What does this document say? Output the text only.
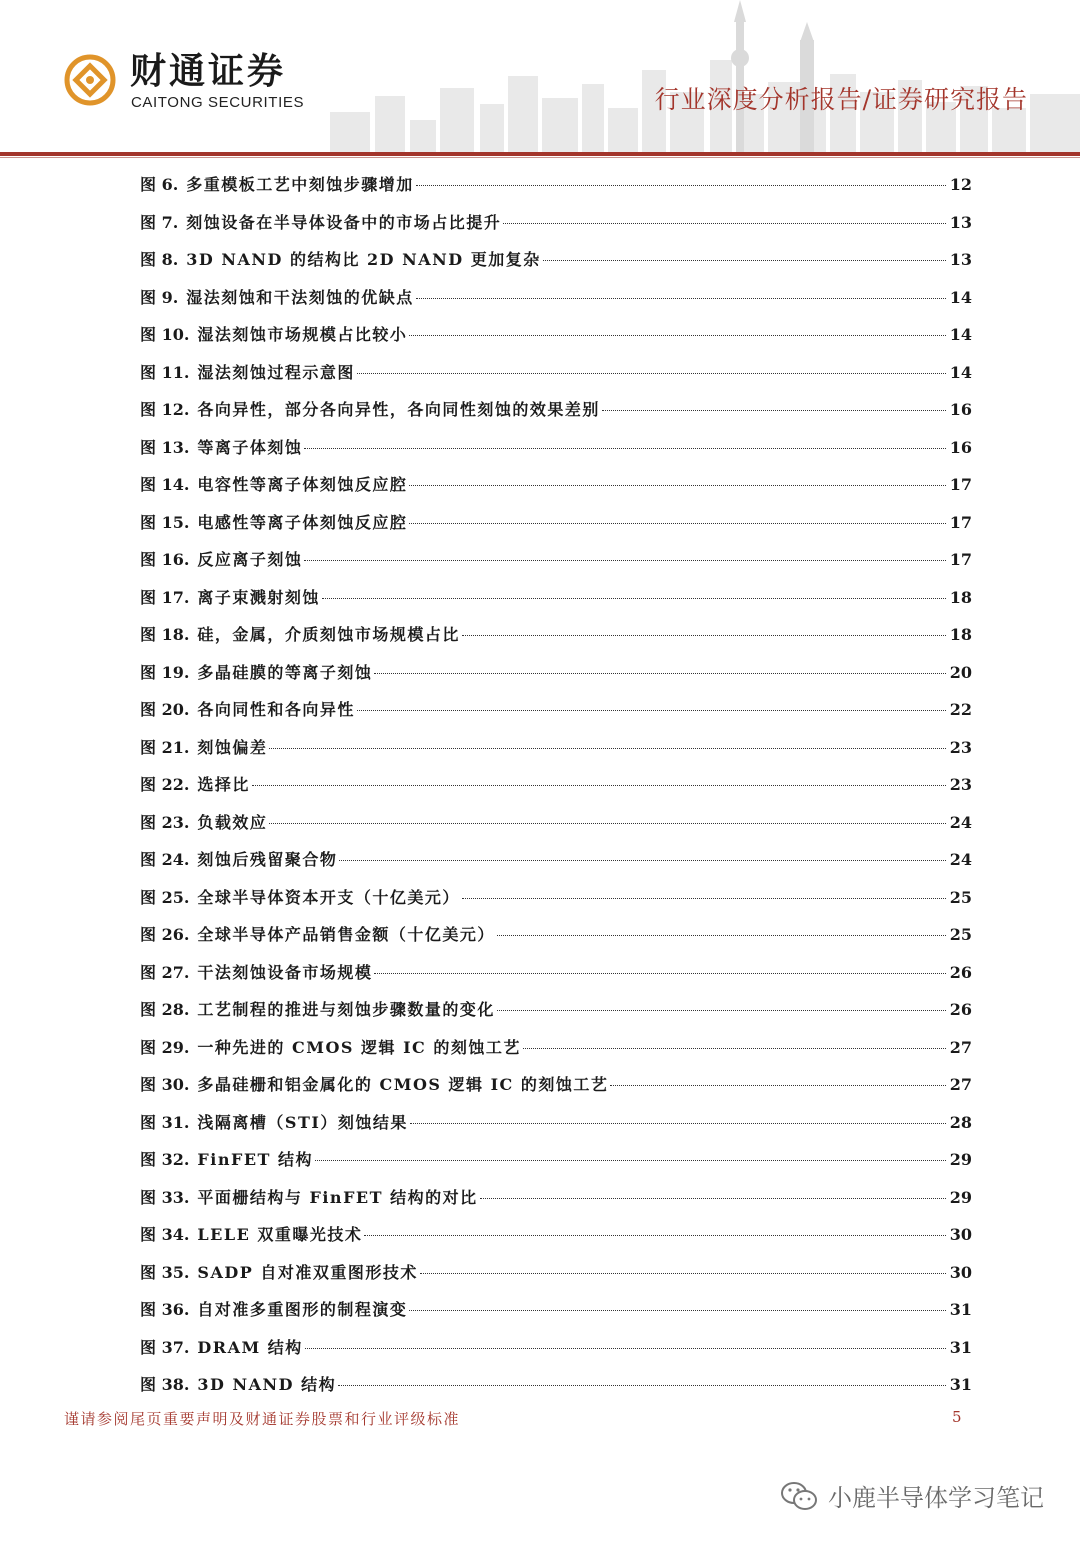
财通证券
CAITONG SECURITIES	行业深度分析报告/证券研究报告
图 6. 多重模板工艺中刻蚀步骤增加	12
图 7. 刻蚀设备在半导体设备中的市场占比提升	13
图 8. 3D NAND 的结构比 2D NAND 更加复杂	13
图 9. 湿法刻蚀和干法刻蚀的优缺点	14
图 10. 湿法刻蚀市场规模占比较小	14
图 11. 湿法刻蚀过程示意图	14
图 12. 各向异性，部分各向异性，各向同性刻蚀的效果差别	16
图 13. 等离子体刻蚀	16
图 14. 电容性等离子体刻蚀反应腔	17
图 15. 电感性等离子体刻蚀反应腔	17
图 16. 反应离子刻蚀	17
图 17. 离子束溅射刻蚀	18
图 18. 硅，金属，介质刻蚀市场规模占比	18
图 19. 多晶硅膜的等离子刻蚀	20
图 20. 各向同性和各向异性	22
图 21. 刻蚀偏差	23
图 22. 选择比	23
图 23. 负载效应	24
图 24. 刻蚀后残留聚合物	24
图 25. 全球半导体资本开支（十亿美元）	25
图 26. 全球半导体产品销售金额（十亿美元）	25
图 27. 干法刻蚀设备市场规模	26
图 28. 工艺制程的推进与刻蚀步骤数量的变化	26
图 29. 一种先进的 CMOS 逻辑 IC 的刻蚀工艺	27
图 30. 多晶硅栅和铝金属化的 CMOS 逻辑 IC 的刻蚀工艺	27
图 31. 浅隔离槽（STI）刻蚀结果	28
图 32. FinFET 结构	29
图 33. 平面栅结构与 FinFET 结构的对比	29
图 34. LELE 双重曝光技术	30
图 35. SADP 自对准双重图形技术	30
图 36. 自对准多重图形的制程演变	31
图 37. DRAM 结构	31
图 38. 3D NAND 结构	31
谨请参阅尾页重要声明及财通证券股票和行业评级标准	5
小鹿半导体学习笔记
